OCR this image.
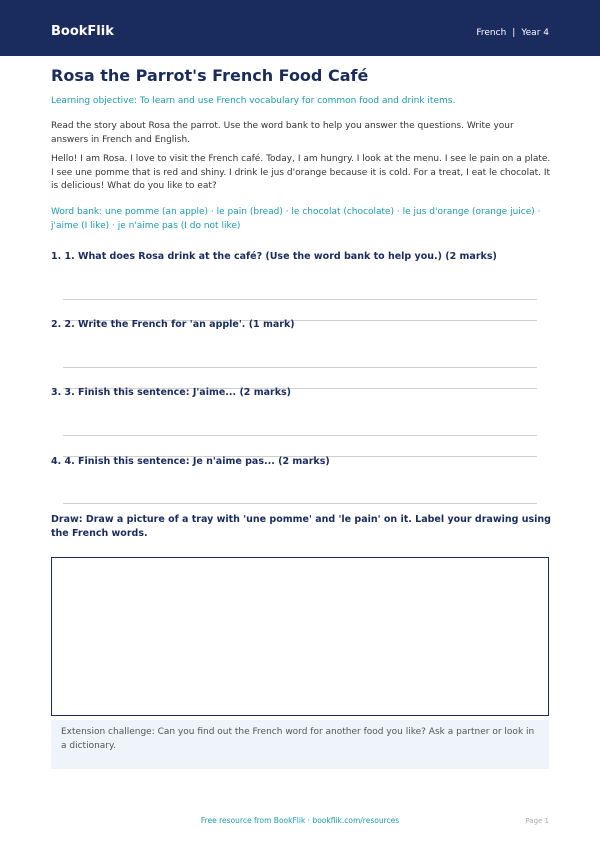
BookFlik	French | Year 4
Rosa the Parrot's French Food Café

Learning objective: To learn and use French vocabulary for common food and drink items.

Read the story about Rosa the parrot. Use the word bank to help you answer the questions. Write your answers in French and English.

Hello! I am Rosa. I love to visit the French café. Today, I am hungry. I look at the menu. I see le pain on a plate. I see une pomme that is red and shiny. I drink le jus d'orange because it is cold. For a treat, I eat le chocolat. It is delicious! What do you like to eat?

Word bank: une pomme (an apple) · le pain (bread) · le chocolat (chocolate) · le jus d'orange (orange juice) · j'aime (I like) · je n'aime pas (I do not like)

1. 1. What does Rosa drink at the café? (Use the word bank to help you.) (2 marks)
2. 2. Write the French for 'an apple'. (1 mark)
3. 3. Finish this sentence: J'aime... (2 marks)
4. 4. Finish this sentence: Je n'aime pas... (2 marks)

Draw: Draw a picture of a tray with 'une pomme' and 'le pain' on it. Label your drawing using the French words.

Extension challenge: Can you find out the French word for another food you like? Ask a partner or look in a dictionary.
Free resource from BookFlik · bookflik.com/resources	Page 1
